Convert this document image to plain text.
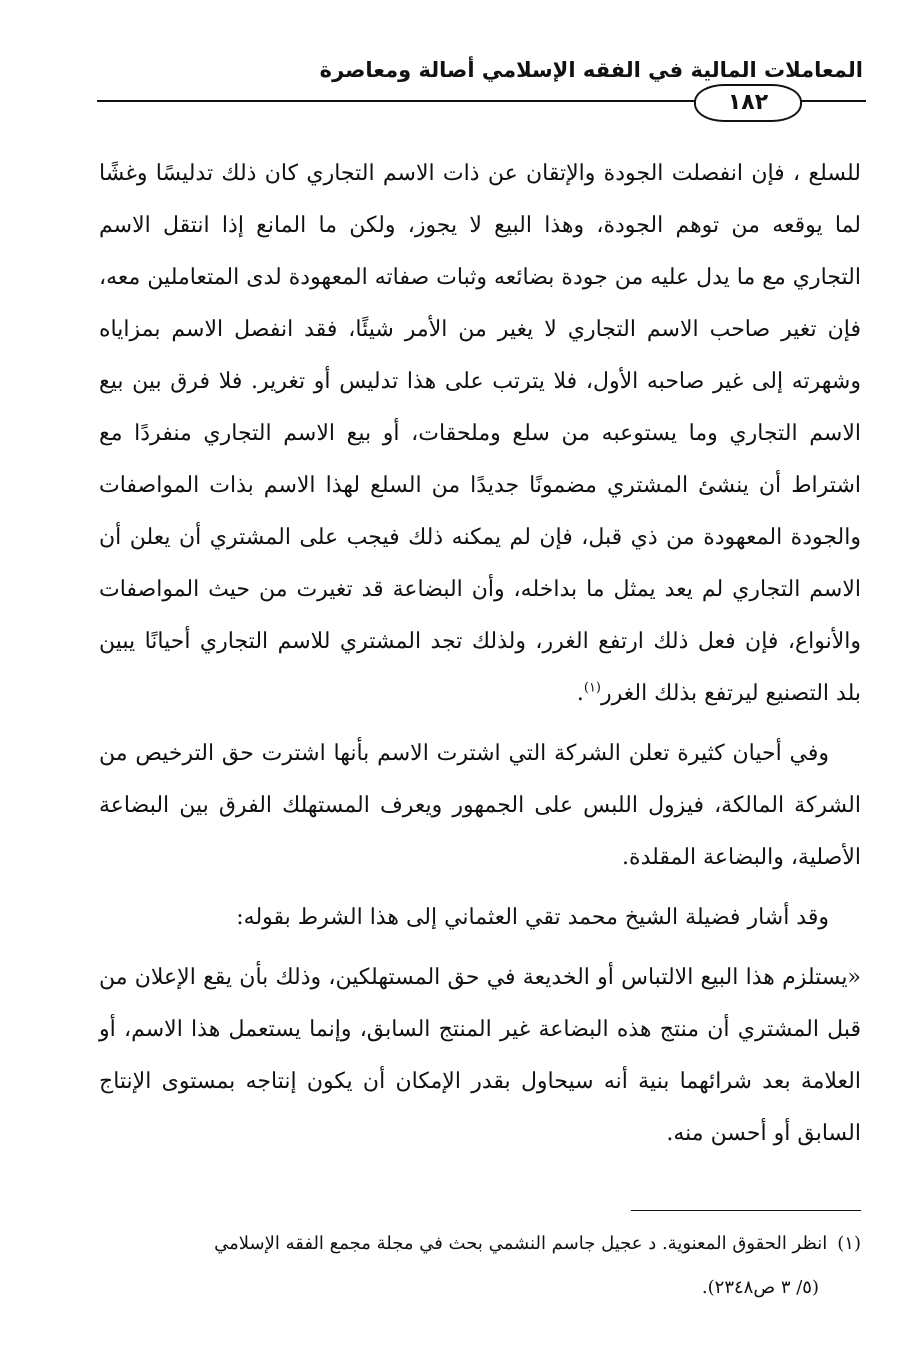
المعاملات المالية في الفقه الإسلامي أصالة ومعاصرة
١٨٢

للسلع ، فإن انفصلت الجودة والإتقان عن ذات الاسم التجاري كان ذلك تدليسًا وغشًا لما يوقعه من توهم الجودة، وهذا البيع لا يجوز، ولكن ما المانع إذا انتقل الاسم التجاري مع ما يدل عليه من جودة بضائعه وثبات صفاته المعهودة لدى المتعاملين معه، فإن تغير صاحب الاسم التجاري لا يغير من الأمر شيئًا، فقد انفصل الاسم بمزاياه وشهرته إلى غير صاحبه الأول، فلا يترتب على هذا تدليس أو تغرير. فلا فرق بين بيع الاسم التجاري وما يستوعبه من سلع وملحقات، أو بيع الاسم التجاري منفردًا مع اشتراط أن ينشئ المشتري مضمونًا جديدًا من السلع لهذا الاسم بذات المواصفات والجودة المعهودة من ذي قبل، فإن لم يمكنه ذلك فيجب على المشتري أن يعلن أن الاسم التجاري لم يعد يمثل ما بداخله، وأن البضاعة قد تغيرت من حيث المواصفات والأنواع، فإن فعل ذلك ارتفع الغرر، ولذلك تجد المشتري للاسم التجاري أحيانًا يبين بلد التصنيع ليرتفع بذلك الغرر$^{(١)}$.

وفي أحيان كثيرة تعلن الشركة التي اشترت الاسم بأنها اشترت حق الترخيص من الشركة المالكة، فيزول اللبس على الجمهور ويعرف المستهلك الفرق بين البضاعة الأصلية، والبضاعة المقلدة.

وقد أشار فضيلة الشيخ محمد تقي العثماني إلى هذا الشرط بقوله:

«يستلزم هذا البيع الالتباس أو الخديعة في حق المستهلكين، وذلك بأن يقع الإعلان من قبل المشتري أن منتج هذه البضاعة غير المنتج السابق، وإنما يستعمل هذا الاسم، أو العلامة بعد شرائهما بنية أنه سيحاول بقدر الإمكان أن يكون إنتاجه بمستوى الإنتاج السابق أو أحسن منه.

(١)انظر الحقوق المعنوية. د عجيل جاسم النشمي بحث في مجلة مجمع الفقه الإسلامي

(٥/ ٣ ص٢٣٤٨).
